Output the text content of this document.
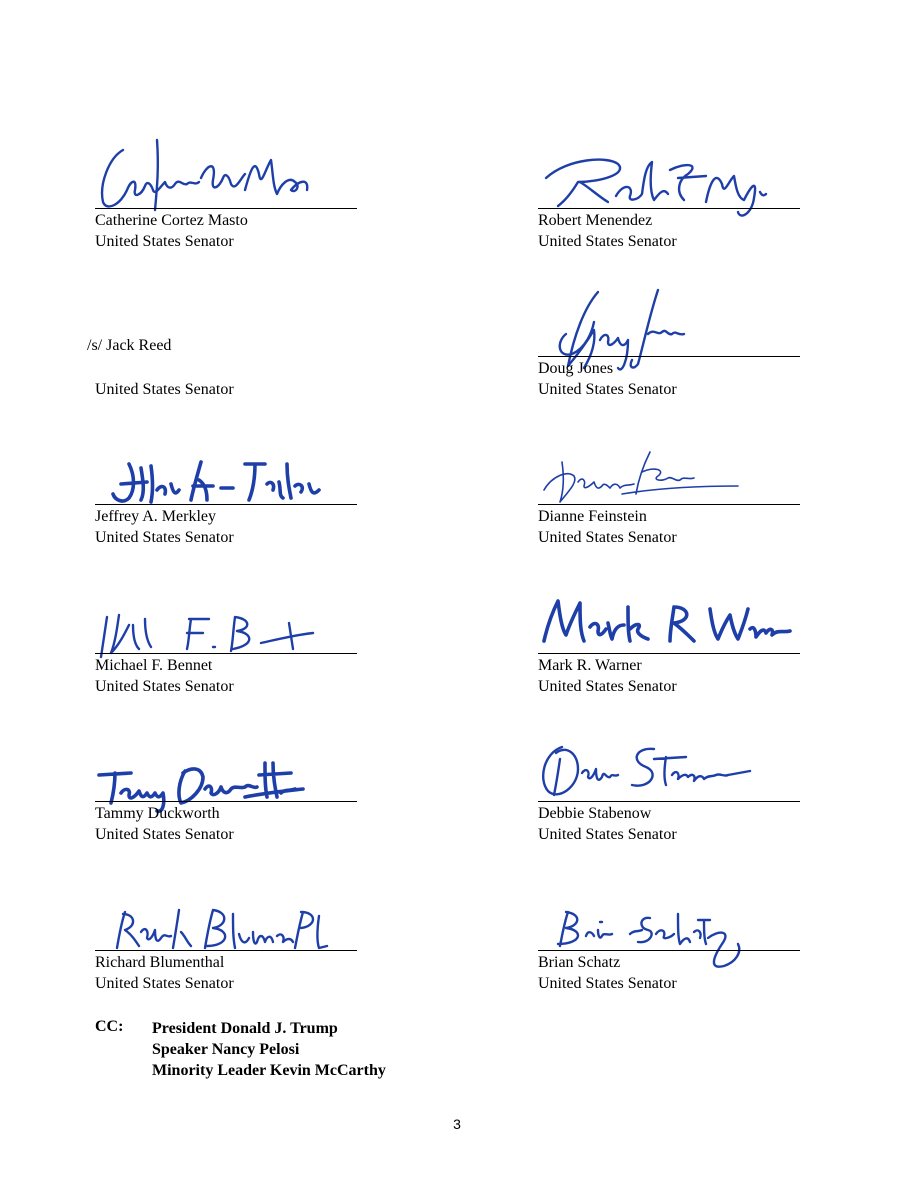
Catherine Cortez Masto
United States Senator
Robert Menendez
United States Senator
/s/ Jack Reed
United States Senator
Doug Jones
United States Senator
Jeffrey A. Merkley
United States Senator
Dianne Feinstein
United States Senator
Michael F. Bennet
United States Senator
Mark R. Warner
United States Senator
Tammy Duckworth
United States Senator
Debbie Stabenow
United States Senator
Richard Blumenthal
United States Senator
Brian Schatz
United States Senator
CC: President Donald J. Trump
Speaker Nancy Pelosi
Minority Leader Kevin McCarthy
3
